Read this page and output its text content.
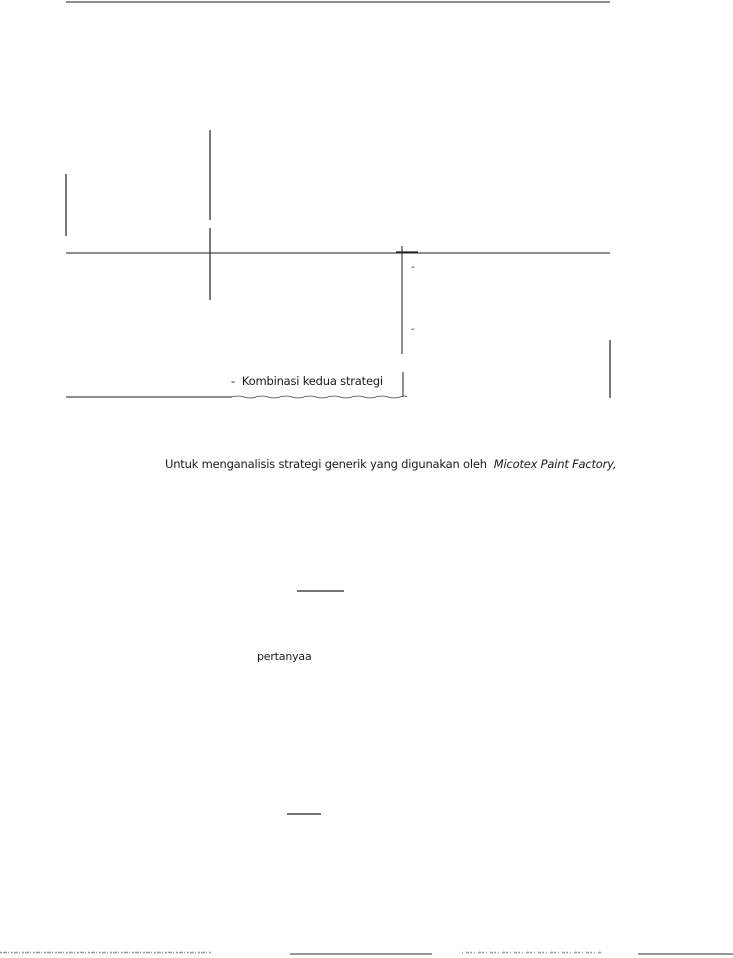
-
-
- Kombinasi kedua strategi
Untuk menganalisis strategi generik yang digunakan oleh Micotex Paint Factory,
pertanyaa
